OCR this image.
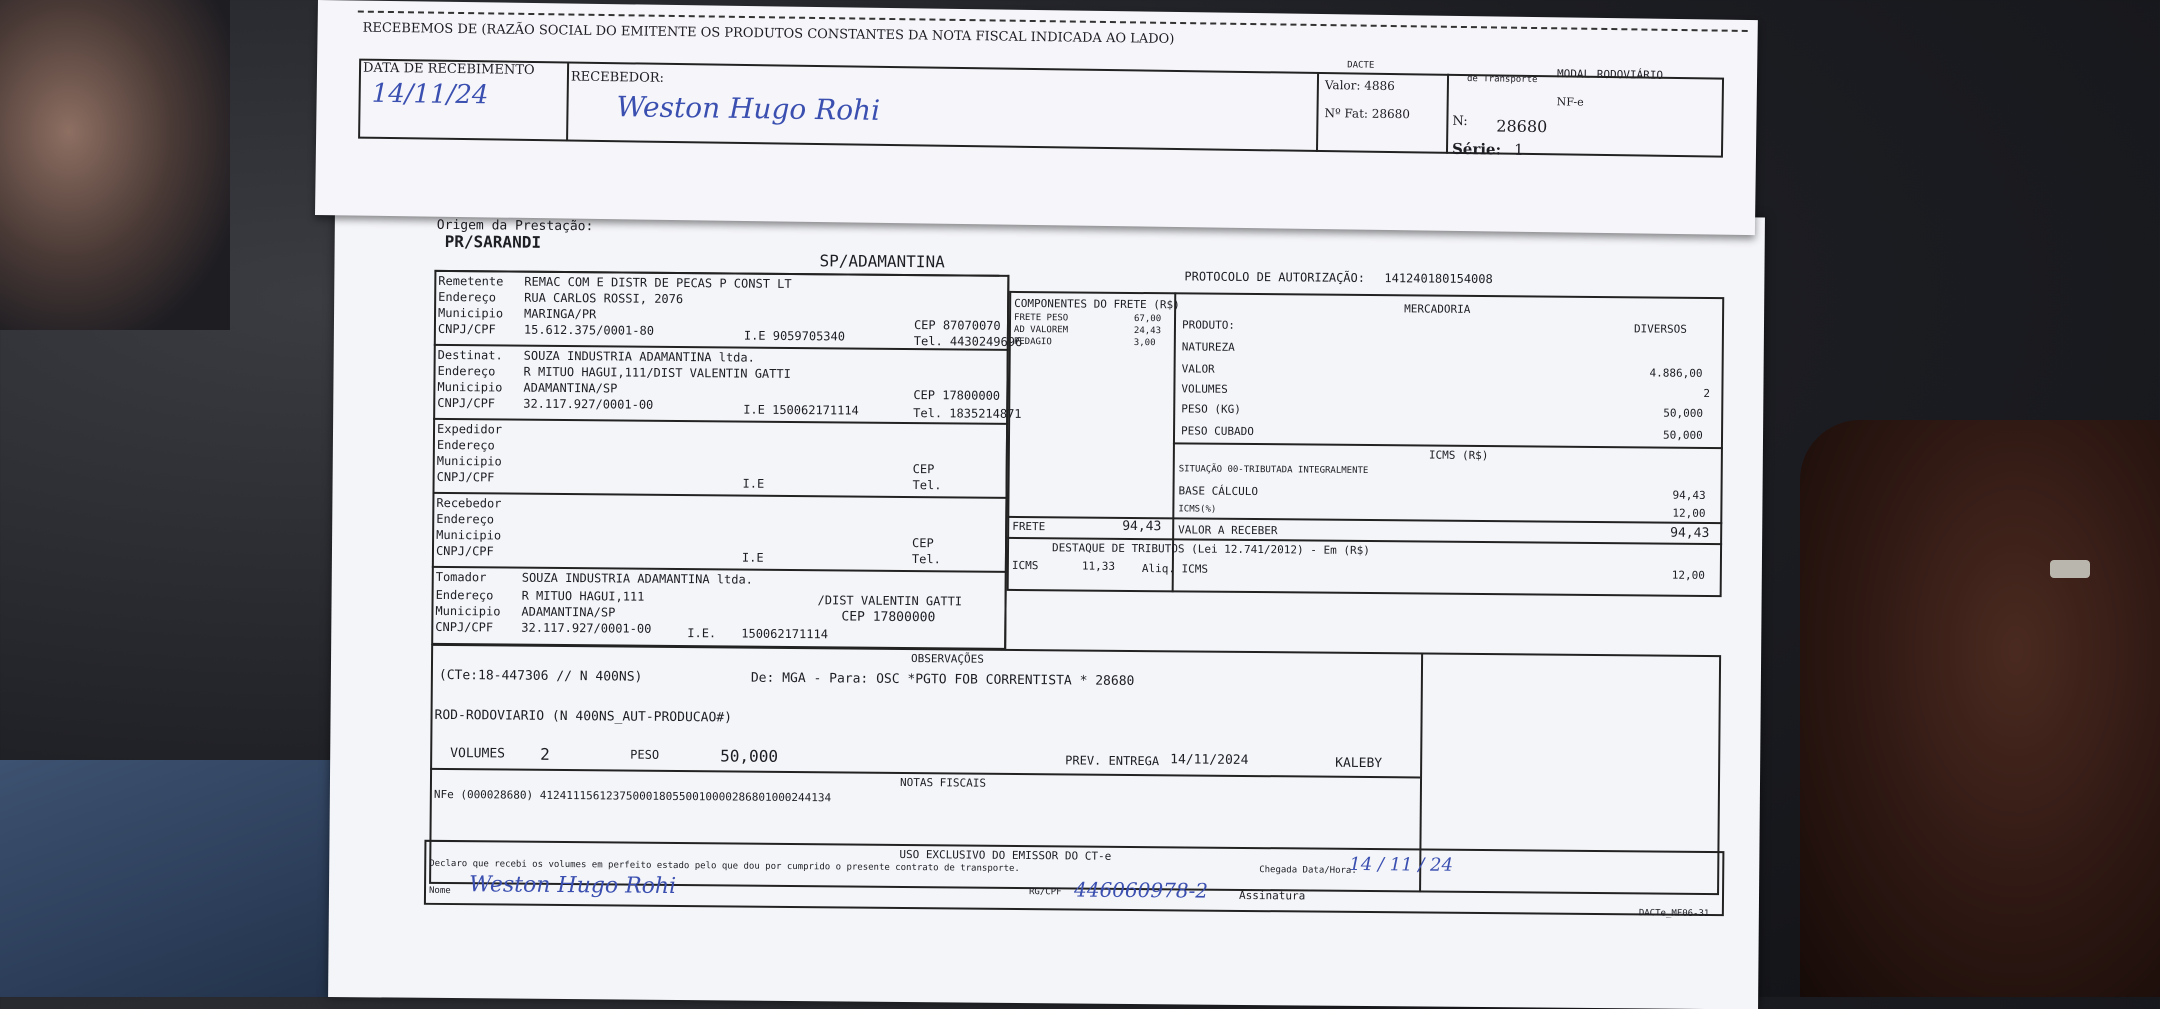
Origem da Prestação:
PR/SARANDI
SP/ADAMANTINA
PROTOCOLO DE AUTORIZAÇÃO: 141240180154008
Remetente REMAC COM E DISTR DE PECAS P CONST LT
Endereço RUA CARLOS ROSSI, 2076
Municipio MARINGA/PR
CNPJ/CPF 15.612.375/0001-80	I.E 9059705340
CEP 87070070
Tel. 4430249696
Destinat. SOUZA INDUSTRIA ADAMANTINA ltda.
Endereço R MITUO HAGUI,111/DIST VALENTIN GATTI
Municipio ADAMANTINA/SP
CNPJ/CPF 32.117.927/0001-00	I.E 150062171114
CEP 17800000
Tel. 1835214871
Expedidor
Endereço
Municipio
CNPJ/CPF	I.E
CEP
Tel.
Recebedor
Endereço
Municipio
CNPJ/CPF	I.E
CEP
Tel.
Tomador	SOUZA INDUSTRIA ADAMANTINA ltda.
Endereço R MITUO HAGUI,111	/DIST VALENTIN GATTI
Municipio ADAMANTINA/SP	CEP 17800000
CNPJ/CPF 32.117.927/0001-00	I.E. 150062171114
COMPONENTES DO FRETE (R$)
FRETE PESO	67,00
AD VALOREM	24,43
PEDAGIO	3,00
MERCADORIA
PRODUTO:	DIVERSOS
NATUREZA
VALOR	4.886,00
VOLUMES	2
PESO (KG)	50,000
PESO CUBADO	50,000
ICMS (R$)
SITUAÇÃO 00-TRIBUTADA INTEGRALMENTE
BASE CÁLCULO	94,43
ICMS(%)	12,00
FRETE	94,43 VALOR A RECEBER	94,43
DESTAQUE DE TRIBUTOS (Lei 12.741/2012) - Em (R$)
ICMS	11,33 Aliq. ICMS	12,00
OBSERVAÇÕES
(CTe:18-447306 // N 400NS)	De: MGA - Para: OSC *PGTO FOB CORRENTISTA * 28680
ROD-RODOVIARIO (N 400NS_AUT-PRODUCAO#)
VOLUMES 2	PESO	50,000	PREV. ENTREGA 14/11/2024	KALEBY
NOTAS FISCAIS
NFe (000028680) 41241115612375000180550010000286801000244134
USO EXCLUSIVO DO EMISSOR DO CT-e
Declaro que recebi os volumes em perfeito estado pelo que dou por cumprido o presente contrato de transporte.	Chegada Data/Hora:
14 / 11 / 24
Nome Weston Hugo Rohi	RG/CPF 446060978-2	Assinatura
DACTe_MF06-31
RECEBEMOS DE (RAZÃO SOCIAL DO EMITENTE OS PRODUTOS CONSTANTES DA NOTA FISCAL INDICADA AO LADO)
DACTE
de Transporte MODAL RODOVIÁRIO
DATA DE RECEBIMENTO
14/11/24
RECEBEDOR:
Weston Hugo Rohi
Valor: 4886
Nº Fat: 28680
NF-e
N: 28680
Série: 1
